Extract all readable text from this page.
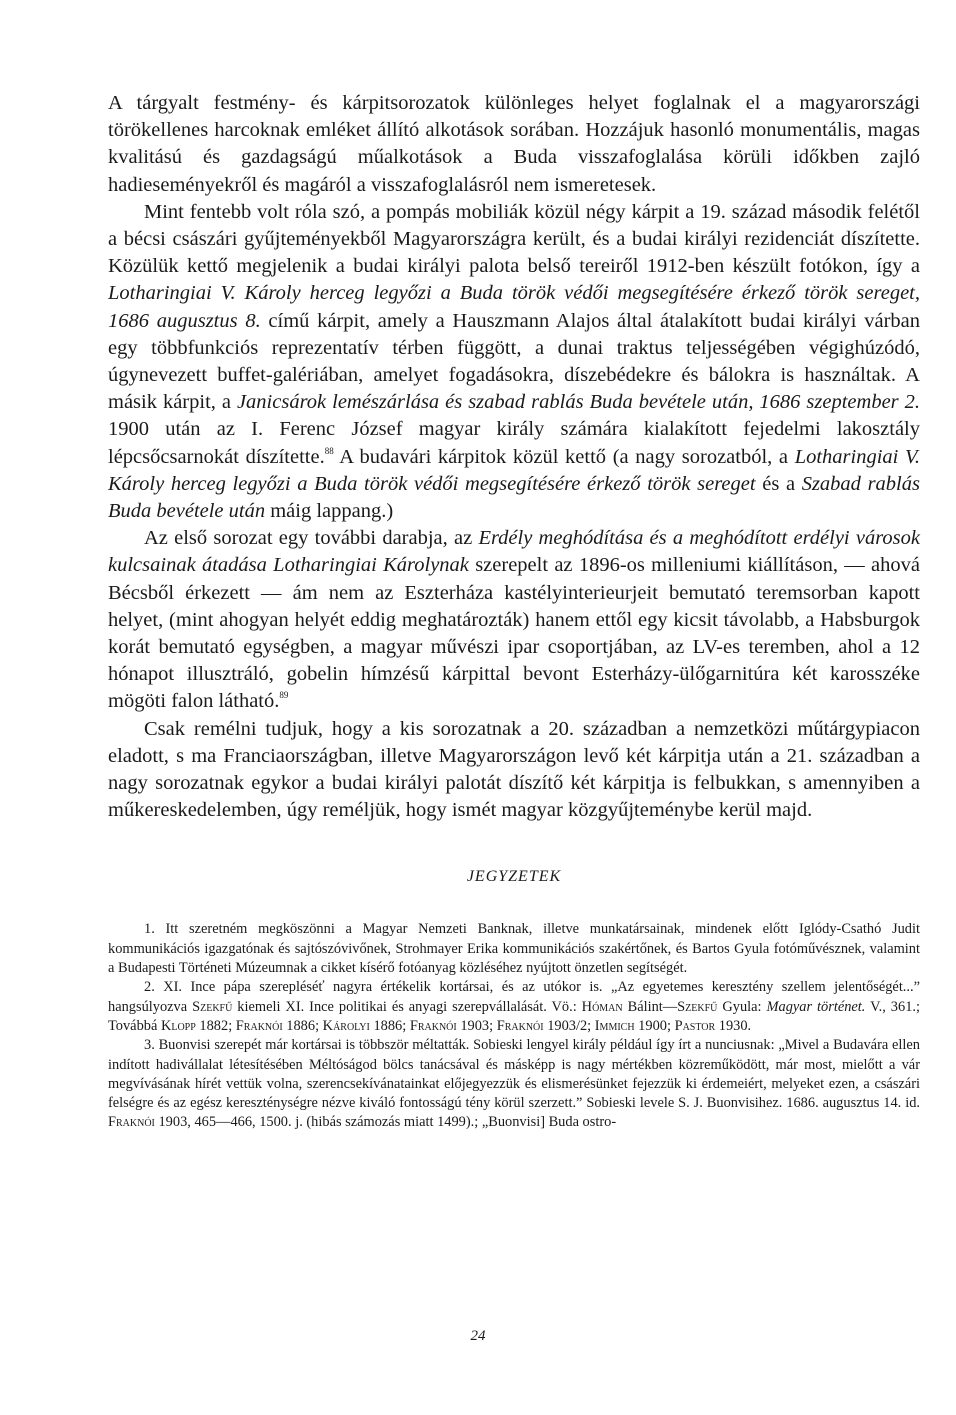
A tárgyalt festmény- és kárpitsorozatok különleges helyet foglalnak el a magyarországi törökellenes harcoknak emléket állító alkotások sorában. Hozzájuk hasonló monumentális, magas kvalitású és gazdagságú műalkotások a Buda visszafoglalása körüli időkben zajló hadieseményekről és magáról a visszafoglalásról nem ismeretesek.

Mint fentebb volt róla szó, a pompás mobiliák közül négy kárpit a 19. század második felétől a bécsi császári gyűjteményekből Magyarországra került, és a budai királyi rezidenciát díszítette. Közülük kettő megjelenik a budai királyi palota belső tereiről 1912-ben készült fotókon, így a Lotharingiai V. Károly herceg legyőzi a Buda török védői megsegítésére érkező török sereget, 1686 augusztus 8. című kárpit, amely a Hauszmann Alajos által átalakított budai királyi várban egy többfunkciós reprezentatív térben függött, a dunai traktus teljességében végighúzódó, úgynevezett buffet-galériában, amelyet fogadásokra, díszebédekre és bálokra is használtak. A másik kárpit, a Janicsárok lemészárlása és szabad rablás Buda bevétele után, 1686 szeptember 2. 1900 után az I. Ferenc József magyar király számára kialakított fejedelmi lakosztály lépcsőcsarnokát díszítette.$^{88}$ A budavári kárpitok közül kettő (a nagy sorozatból, a Lotharingiai V. Károly herceg legyőzi a Buda török védői megsegítésére érkező török sereget és a Szabad rablás Buda bevétele után máig lappang.)

Az első sorozat egy további darabja, az Erdély meghódítása és a meghódított erdélyi városok kulcsainak átadása Lotharingiai Károlynak szerepelt az 1896-os milleniumi kiállításon, — ahová Bécsből érkezett — ám nem az Eszterháza kastélyinterieurjeit bemutató teremsorban kapott helyet, (mint ahogyan helyét eddig meghatározták) hanem ettől egy kicsit távolabb, a Habsburgok korát bemutató egységben, a magyar művészi ipar csoportjában, az LV-es teremben, ahol a 12 hónapot illusztráló, gobelin hímzésű kárpittal bevont Esterházy-ülőgarnitúra két karosszéke mögöti falon látható.$^{89}$

Csak remélni tudjuk, hogy a kis sorozatnak a 20. században a nemzetközi műtárgypiacon eladott, s ma Franciaországban, illetve Magyarországon levő két kárpitja után a 21. században a nagy sorozatnak egykor a budai királyi palotát díszítő két kárpitja is felbukkan, s amennyiben a műkereskedelemben, úgy reméljük, hogy ismét magyar közgyűjteménybe kerül majd.

JEGYZETEK

1. Itt szeretném megköszönni a Magyar Nemzeti Banknak, illetve munkatársainak, mindenek előtt Iglódy-Csathó Judit kommunikációs igazgatónak és sajtószóvivőnek, Strohmayer Erika kommunikációs szakértőnek, és Bartos Gyula fotóművésznek, valamint a Budapesti Történeti Múzeumnak a cikket kísérő fotóanyag közléséhez nyújtott önzetlen segítségét.

2. XI. Ince pápa szerepléséť nagyra értékelik kortársai, és az utókor is. „Az egyetemes keresztény szellem jelentőségét...” hangsúlyozva Szekfű kiemeli XI. Ince politikai és anyagi szerepvállalását. Vö.: Hóman Bálint—Szekfű Gyula: Magyar történet. V., 361.; Továbbá Klopp 1882; Fraknói 1886; Károlyi 1886; Fraknói 1903; Fraknói 1903/2; Immich 1900; Pastor 1930.

3. Buonvisi szerepét már kortársai is többször méltatták. Sobieski lengyel király például így írt a nunciusnak: „Mivel a Budavára ellen indított hadivállalat létesítésében Méltóságod bölcs tanácsával és másképp is nagy mértékben közreműködött, már most, mielőtt a vár megvívásának hírét vettük volna, szerencsekívánatainkat előjegyezzük és elismerésünket fejezzük ki érdemeiért, melyeket ezen, a császári felségre és az egész kereszténységre nézve kiváló fontosságú tény körül szerzett.” Sobieski levele S. J. Buonvisihez. 1686. augusztus 14. id. Fraknói 1903, 465—466, 1500. j. (hibás számozás miatt 1499).; „Buonvisi] Buda ostro-

24
